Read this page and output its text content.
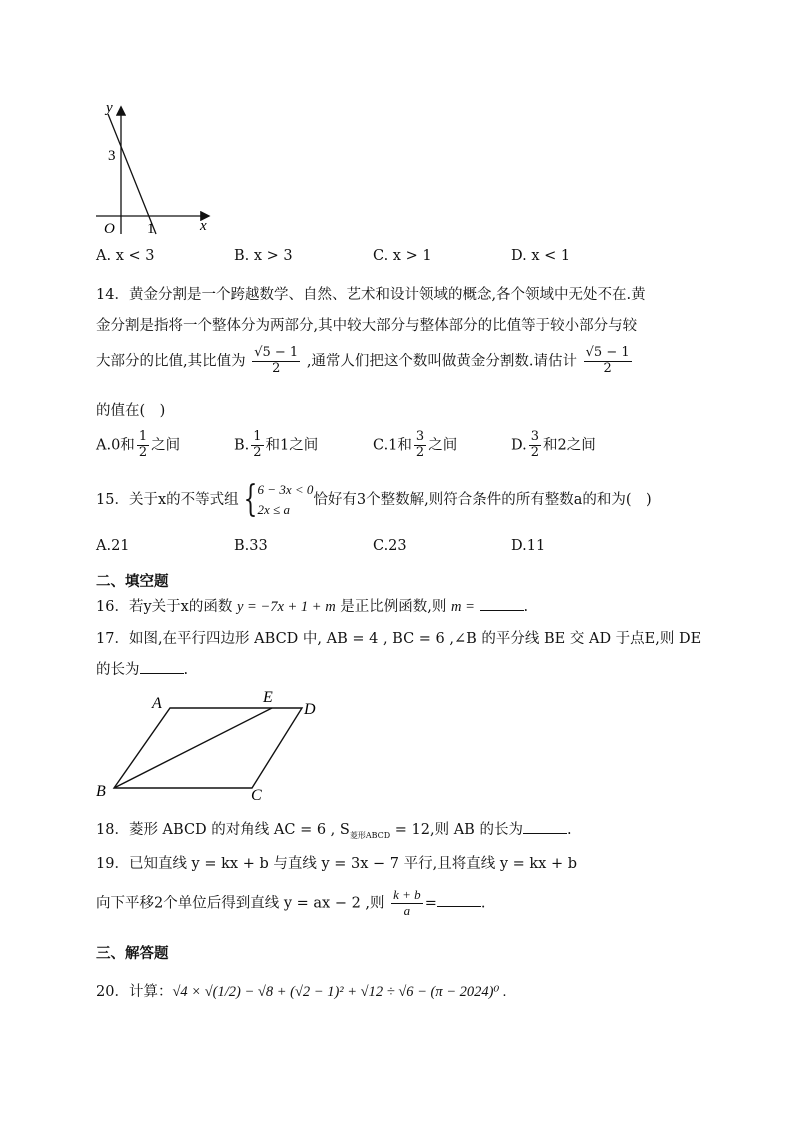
y
x
O
3
1
A. x < 3	B. x > 3	C. x > 1	D. x < 1
14．黄金分割是一个跨越数学、自然、艺术和设计领域的概念,各个领域中无处不在.黄
金分割是指将一个整体分为两部分,其中较大部分与整体部分的比值等于较小部分与较
大部分的比值,其比值为 $\frac{√5 - 1}{2}$ ,通常人们把这个数叫做黄金分割数.请估计 $\frac{√5 - 1}{2}$
的值在(　)
A.0和 $\frac{1}{2}$ 之间	B. $\frac{1}{2}$ 和1之间	C.1和 $\frac{3}{2}$ 之间	D. $\frac{3}{2}$ 和2之间
15．关于x的不等式组 { 6 − 3x < 0
2x ≤ a
恰好有3个整数解,则符合条件的所有整数a的和为(　)
A.21	B.33	C.23	D.11
二、填空题
16．若y关于x的函数 y = −7x + 1 + m 是正比例函数,则 m =	.
17．如图,在平行四边形 ABCD 中, AB = 4 , BC = 6 ,∠B 的平分线 BE 交 AD 于点E,则 DE
的长为	.
A	E
D
B	C
18．菱形 ABCD 的对角线 AC = 6 , $S_{菱形ABCD} = 12$,则 AB 的长为	.
19．已知直线 y = kx + b 与直线 y = 3x − 7 平行,且将直线 y = kx + b
向下平移2个单位后得到直线 y = ax − 2 ,则 $\frac{k + b}{a}$ =	.
三、解答题
20．计算：√4 × √(1/2) − √8 + (√2 − 1)² + √12 ÷ √6 − (π − 2024)⁰ .
